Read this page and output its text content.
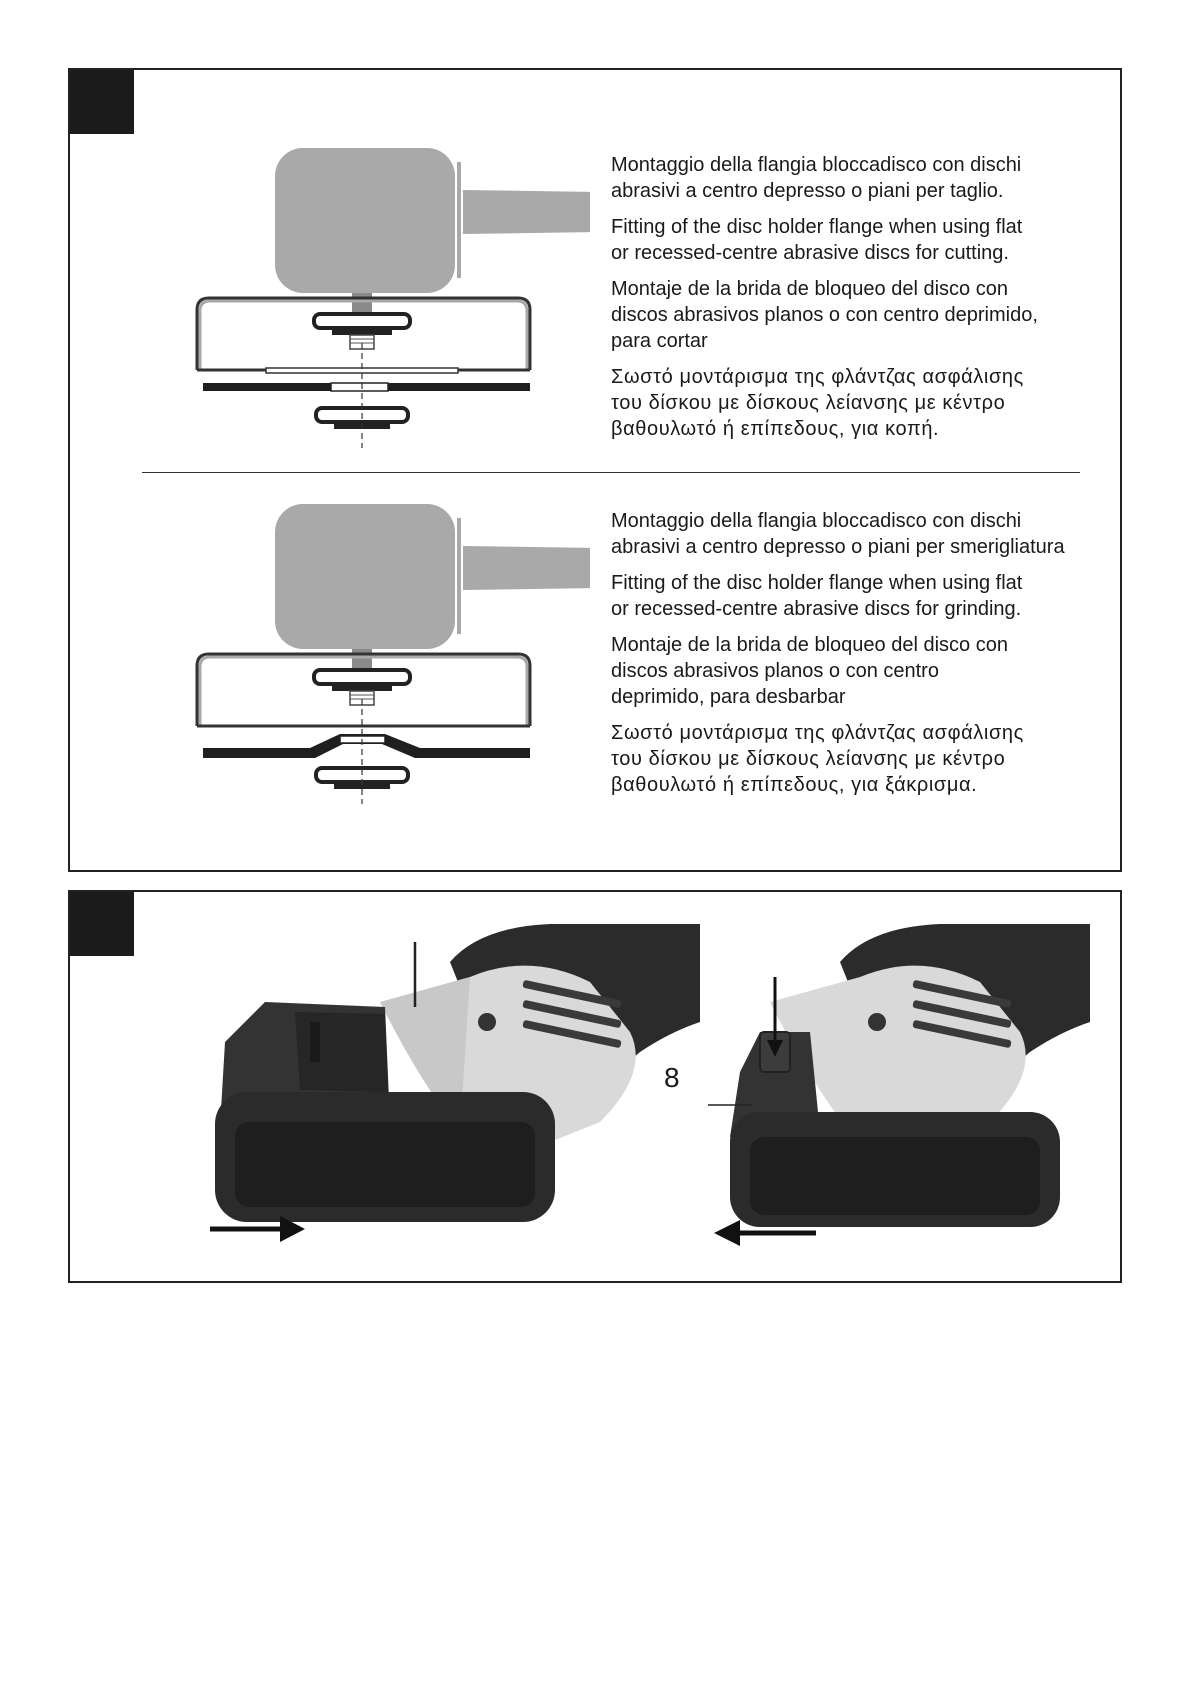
Montaggio della flangia bloccadisco con dischi
abrasivi a centro depresso o piani per taglio.

Fitting of the disc holder flange when using flat
or recessed-centre abrasive discs for cutting.

Montaje de la brida de bloqueo del disco con
discos abrasivos planos o con centro deprimido,
para cortar

Σωστό μοντάρισμα της φλάντζας ασφάλισης
του δίσκου με δίσκους λείανσης με κέντρο
βαθουλωτό ή επίπεδους, για κοπή.

Montaggio della flangia bloccadisco con dischi
abrasivi a centro depresso o piani per smerigliatura

Fitting of the disc holder flange when using flat
or recessed-centre abrasive discs for grinding.

Montaje de la brida de bloqueo del disco con
discos abrasivos planos o con centro
deprimido, para desbarbar

Σωστό μοντάρισμα της φλάντζας ασφάλισης
του δίσκου με δίσκους λείανσης με κέντρο
βαθουλωτό ή επίπεδους, για ξάκρισμα.

8
